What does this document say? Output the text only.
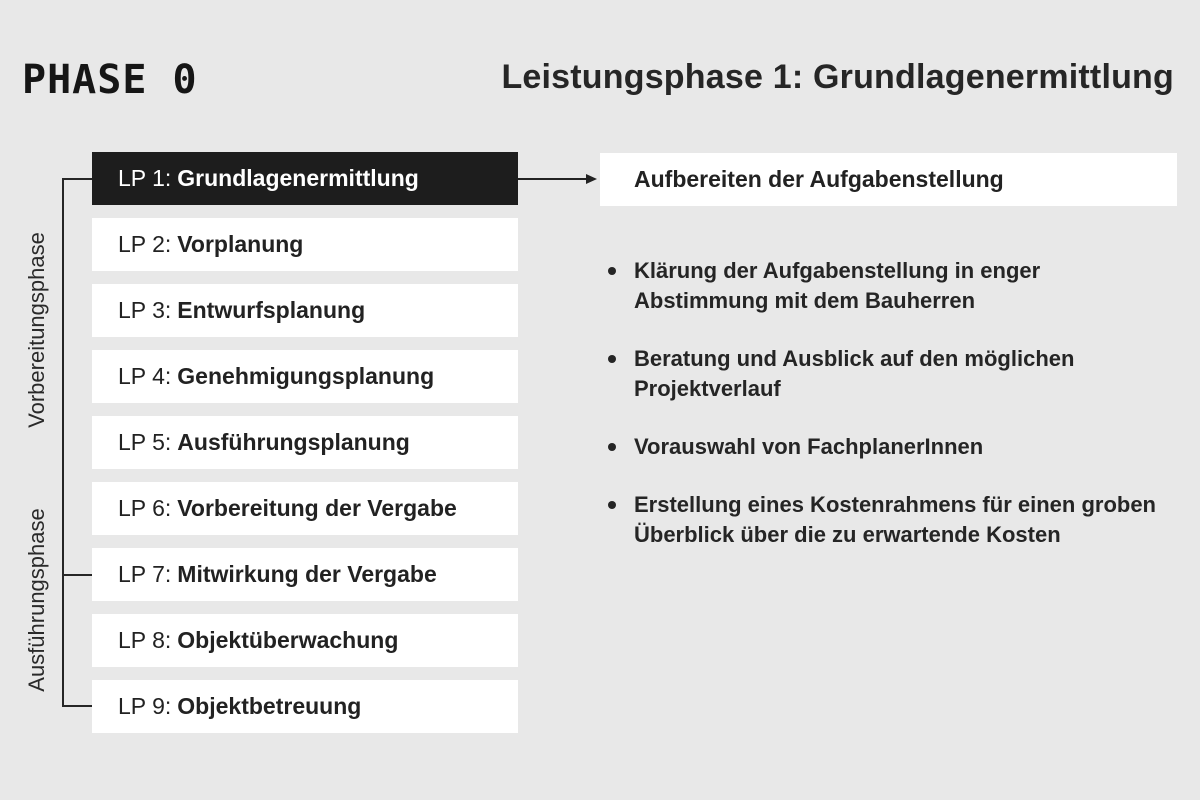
PHASE 0	Leistungsphase 1: Grundlagenermittlung
Vorbereitungsphase
Ausführungsphase
LP 1: Grundlagenermittlung
LP 2: Vorplanung
LP 3: Entwurfsplanung
LP 4: Genehmigungsplanung
LP 5: Ausführungsplanung
LP 6: Vorbereitung der Vergabe
LP 7: Mitwirkung der Vergabe
LP 8: Objektüberwachung
LP 9: Objektbetreuung
Aufbereiten der Aufgabenstellung
Klärung der Aufgabenstellung in enger Abstimmung mit dem Bauherren
Beratung und Ausblick auf den möglichen Projektverlauf
Vorauswahl von FachplanerInnen
Erstellung eines Kostenrahmens für einen groben Überblick über die zu erwartende Kosten
